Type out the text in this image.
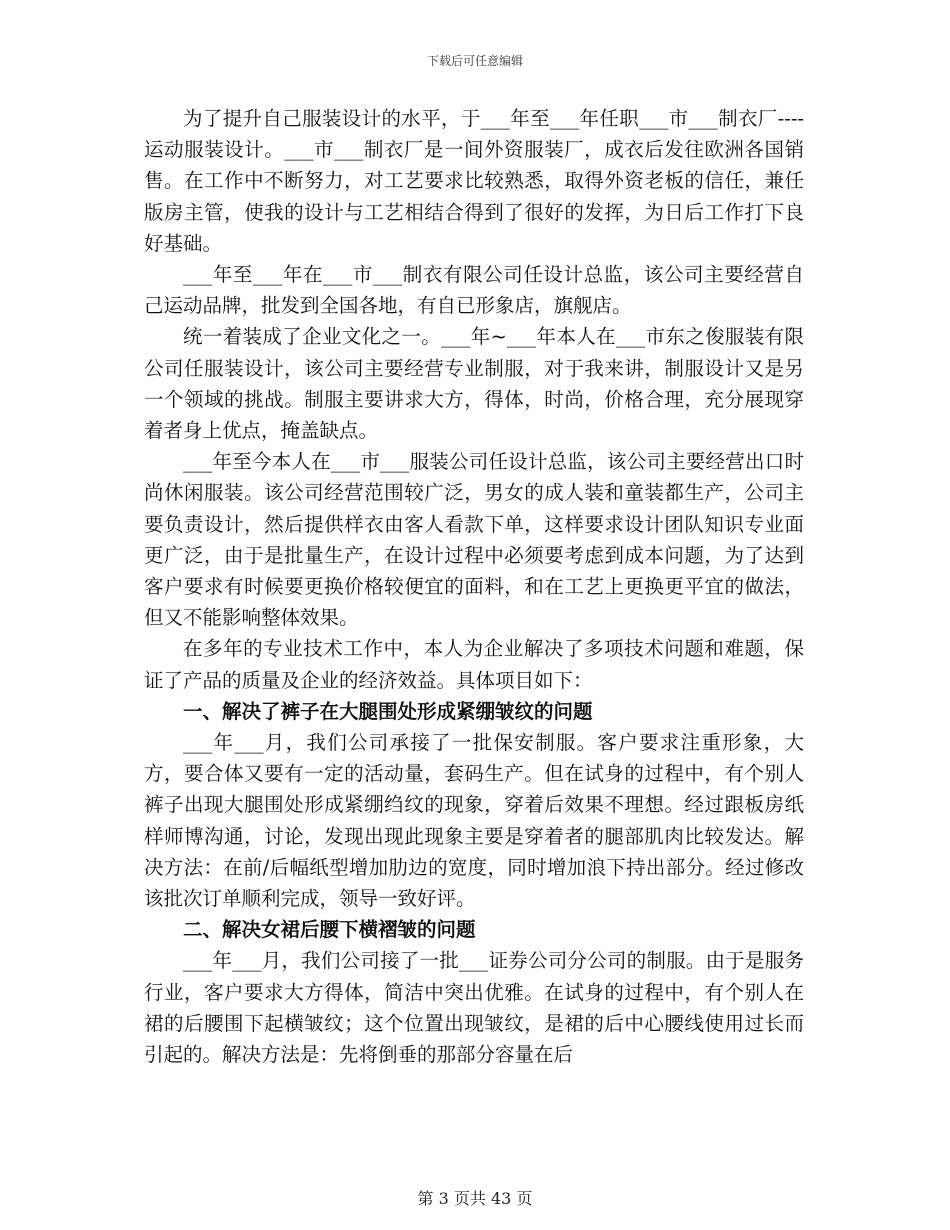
下载后可任意编辑

为了提升自己服装设计的水平，于___年至___年任职___市___制衣厂----运动服装设计。___市___制衣厂是一间外资服装厂，成衣后发往欧洲各国销售。在工作中不断努力，对工艺要求比较熟悉，取得外资老板的信任，兼任版房主管，使我的设计与工艺相结合得到了很好的发挥，为日后工作打下良好基础。

___年至___年在___市___制衣有限公司任设计总监，该公司主要经营自己运动品牌，批发到全国各地，有自已形象店，旗舰店。

统一着装成了企业文化之一。___年~___年本人在___市东之俊服装有限公司任服装设计，该公司主要经营专业制服，对于我来讲，制服设计又是另一个领域的挑战。制服主要讲求大方，得体，时尚，价格合理，充分展现穿着者身上优点，掩盖缺点。

___年至今本人在___市___服装公司任设计总监，该公司主要经营出口时尚休闲服装。该公司经营范围较广泛，男女的成人装和童装都生产，公司主要负责设计，然后提供样衣由客人看款下单，这样要求设计团队知识专业面更广泛，由于是批量生产，在设计过程中必须要考虑到成本问题，为了达到客户要求有时候要更换价格较便宜的面料，和在工艺上更换更平宜的做法，但又不能影响整体效果。

在多年的专业技术工作中，本人为企业解决了多项技术问题和难题，保证了产品的质量及企业的经济效益。具体项目如下：

一、解决了裤子在大腿围处形成紧绷皱纹的问题

___年___月，我们公司承接了一批保安制服。客户要求注重形象，大方，要合体又要有一定的活动量，套码生产。但在试身的过程中，有个别人裤子出现大腿围处形成紧绷绉纹的现象，穿着后效果不理想。经过跟板房纸样师博沟通，讨论，发现出现此现象主要是穿着者的腿部肌肉比较发达。解决方法：在前/后幅纸型增加肋边的宽度，同时增加浪下持出部分。经过修改该批次订单顺利完成，领导一致好评。

二、解决女裙后腰下横褶皱的问题

___年___月，我们公司接了一批___证券公司分公司的制服。由于是服务行业，客户要求大方得体，简洁中突出优雅。在试身的过程中，有个别人在裙的后腰围下起横皱纹；这个位置出现皱纹，是裙的后中心腰线使用过长而引起的。解决方法是：先将倒垂的那部分容量在后

第 3 页共 43 页
